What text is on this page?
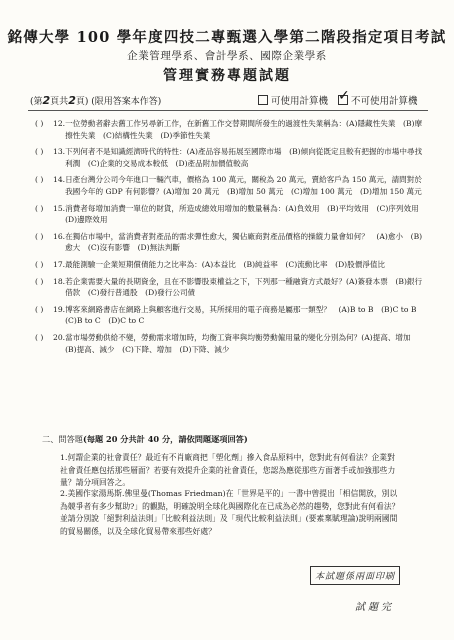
銘傳大學 100 學年度四技二專甄選入學第二階段指定項目考試
企業管理學系、會計學系、國際企業學系
管理實務專題試題
(第2頁共2頁) (限用答案本作答)	可使用計算機
✓ 不可使用計算機
( )	12. 一位勞動者辭去舊工作另尋新工作，在新舊工作交替期間所發生的過渡性失業稱為：(A)隱藏性失業　(B)摩擦性失業　(C)結構性失業　(D)季節性失業
( )	13. 下列何者不是知識經濟時代的特性：(A)產品容易拓展至國際市場　(B)傾向從既定且較有把握的市場中尋找利潤　(C)企業的交易成本較低　(D)產品附加價值較高
( )	14. 日產台灣分公司今年進口一輛汽車，價格為 100 萬元，關稅為 20 萬元，賣給客戶為 150 萬元，請問對於我國今年的 GDP 有何影響？(A)增加 20 萬元　(B)增加 50 萬元　(C)增加 100 萬元　(D)增加 150 萬元
( )	15. 消費者每增加消費一單位的財貨，所造成總效用增加的數量稱為：(A)負效用　(B)平均效用　(C)序列效用　(D)邊際效用
( )	16. 在獨佔市場中，當消費者對產品的需求彈性愈大，獨佔廠商對產品價格的操縱力量會如何？　(A)愈小　(B)愈大　(C)沒有影響　(D)無法判斷
( )	17. 最能測驗一企業短期償債能力之比率為：(A)本益比　(B)純益率　(C)流動比率　(D)股價淨值比
( )	18. 若企業需要大量的長期資金，且在不影響股東權益之下，下列那一種融資方式最好？(A)簽發本票　(B)銀行借款　(C)發行普通股　(D)發行公司債
( )	19. 博客來網路書店在網路上與顧客進行交易，其所採用的電子商務是屬那一類型？　(A)B to B　(B)C to B　(C)B to C　(D)C to C
( )	20. 當市場勞動供給不變，勞動需求增加時，均衡工資率與均衡勞動僱用量的變化分別為何？(A)提高、增加　(B)提高、減少　(C)下降、增加　(D)下降、減少
二、問答題(每題 20 分共計 40 分，請依問題逐項回答)
1.何謂企業的社會責任？最近有不肖廠商把「塑化劑」摻入食品原料中，您對此有何看法？企業對社會責任應包括那些層面？若要有效提升企業的社會責任，您認為應從那些方面著手或加強那些力量？請分項回答之。
2.美國作家湯馬斯.佛里曼(Thomas Friedman)在「世界是平的」一書中曾提出「相信開放，別以為競爭者有多少幫助?」的觀點，明確說明全球化與國際化在已成為必然的趨勢，您對此有何看法？並請分別說「絕對利益法則」「比較利益法則」及「現代比較利益法則」(要素稟賦理論)說明兩國間的貿易關係，以及全球化貿易帶來那些好處？
本試題係兩面印刷
試題完
